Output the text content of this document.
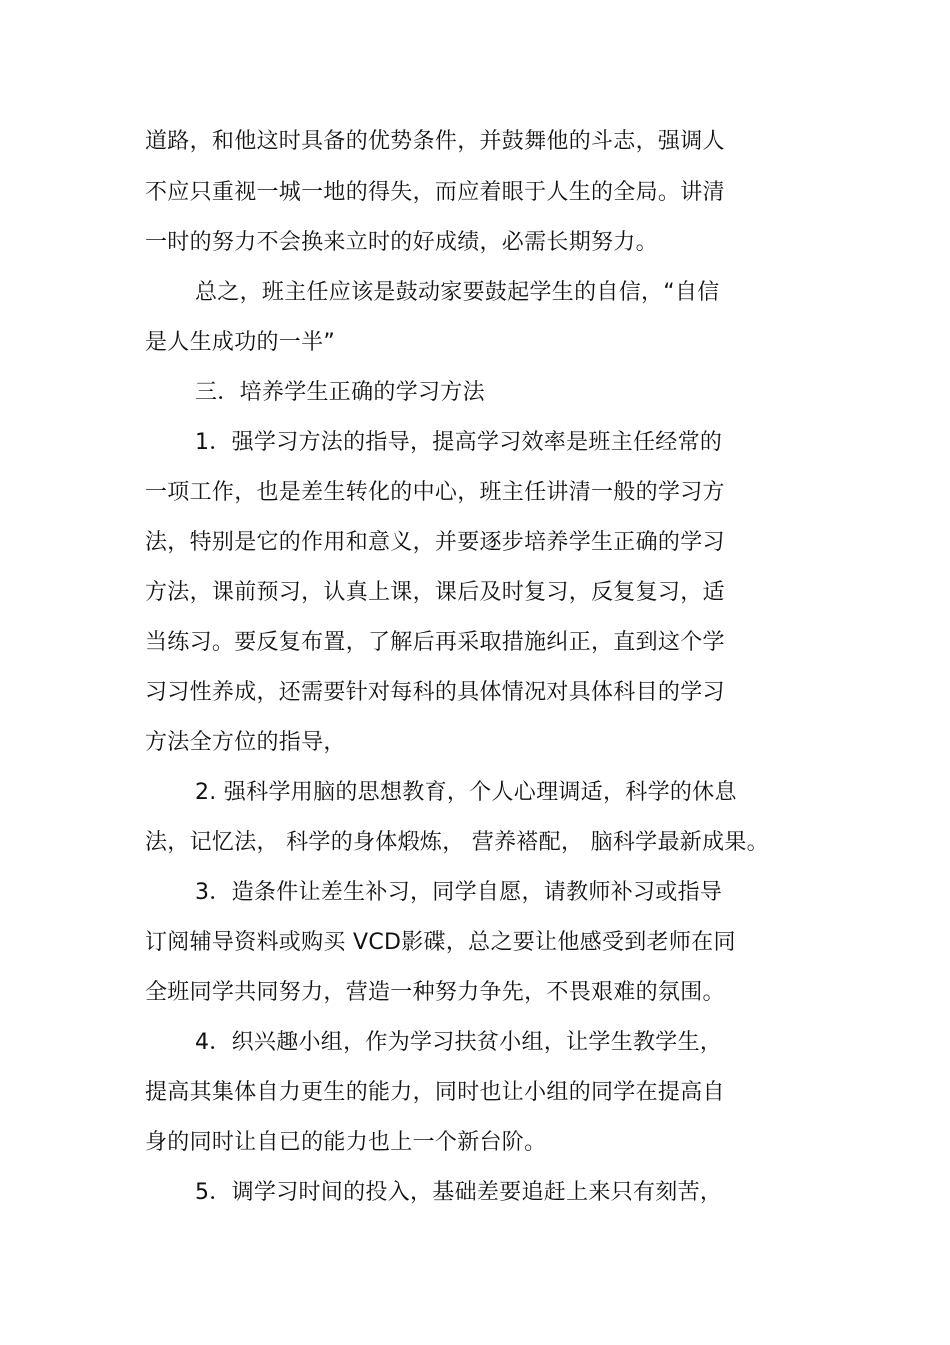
道路，和他这时具备的优势条件，并鼓舞他的斗志，强调人
不应只重视一城一地的得失，而应着眼于人生的全局。讲清
一时的努力不会换来立时的好成绩，必需长期努力。
总之，班主任应该是鼓动家要鼓起学生的自信，“自信
是人生成功的一半”
三．培养学生正确的学习方法
1．强学习方法的指导，提高学习效率是班主任经常的
一项工作，也是差生转化的中心，班主任讲清一般的学习方
法，特别是它的作用和意义，并要逐步培养学生正确的学习
方法，课前预习，认真上课，课后及时复习，反复复习，适
当练习。要反复布置，了解后再采取措施纠正，直到这个学
习习性养成，还需要针对每科的具体情况对具体科目的学习
方法全方位的指导，
2. 强科学用脑的思想教育，个人心理调适，科学的休息
法，记忆法， 科学的身体煅炼， 营养褡配， 脑科学最新成果。
3．造条件让差生补习，同学自愿，请教师补习或指导
订阅辅导资料或购买 VCD影碟，总之要让他感受到老师在同
全班同学共同努力，营造一种努力争先，不畏艰难的氛围。
4．织兴趣小组，作为学习扶贫小组，让学生教学生，
提高其集体自力更生的能力，同时也让小组的同学在提高自
身的同时让自已的能力也上一个新台阶。
5．调学习时间的投入，基础差要追赶上来只有刻苦，
